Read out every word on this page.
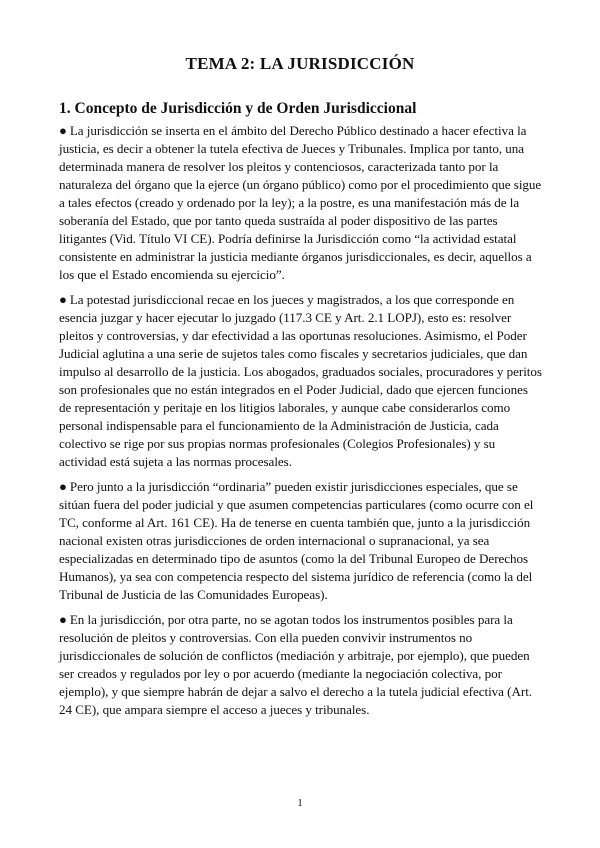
TEMA 2: LA JURISDICCIÓN
1. Concepto de Jurisdicción y de Orden Jurisdiccional

● La jurisdicción se inserta en el ámbito del Derecho Público destinado a hacer efectiva la justicia, es decir a obtener la tutela efectiva de Jueces y Tribunales. Implica por tanto, una determinada manera de resolver los pleitos y contenciosos, caracterizada tanto por la naturaleza del órgano que la ejerce (un órgano público) como por el procedimiento que sigue a tales efectos (creado y ordenado por la ley); a la postre, es una manifestación más de la soberanía del Estado, que por tanto queda sustraída al poder dispositivo de las partes litigantes (Vid. Título VI CE). Podría definirse la Jurisdicción como “la actividad estatal consistente en administrar la justicia mediante órganos jurisdiccionales, es decir, aquellos a los que el Estado encomienda su ejercicio”.

● La potestad jurisdiccional recae en los jueces y magistrados, a los que corresponde en esencia juzgar y hacer ejecutar lo juzgado (117.3 CE y Art. 2.1 LOPJ), esto es: resolver pleitos y controversias, y dar efectividad a las oportunas resoluciones. Asimismo, el Poder Judicial aglutina a una serie de sujetos tales como fiscales y secretarios judiciales, que dan impulso al desarrollo de la justicia. Los abogados, graduados sociales, procuradores y peritos son profesionales que no están integrados en el Poder Judicial, dado que ejercen funciones de representación y peritaje en los litigios laborales, y aunque cabe considerarlos como personal indispensable para el funcionamiento de la Administración de Justicia, cada colectivo se rige por sus propias normas profesionales (Colegios Profesionales) y su actividad está sujeta a las normas procesales.

● Pero junto a la jurisdicción “ordinaria” pueden existir jurisdicciones especiales, que se sitúan fuera del poder judicial y que asumen competencias particulares (como ocurre con el TC, conforme al Art. 161 CE). Ha de tenerse en cuenta también que, junto a la jurisdicción nacional existen otras jurisdicciones de orden internacional o supranacional, ya sea especializadas en determinado tipo de asuntos (como la del Tribunal Europeo de Derechos Humanos), ya sea con competencia respecto del sistema jurídico de referencia (como la del Tribunal de Justicia de las Comunidades Europeas).

● En la jurisdicción, por otra parte, no se agotan todos los instrumentos posibles para la resolución de pleitos y controversias. Con ella pueden convivir instrumentos no jurisdiccionales de solución de conflictos (mediación y arbitraje, por ejemplo), que pueden ser creados y regulados por ley o por acuerdo (mediante la negociación colectiva, por ejemplo), y que siempre habrán de dejar a salvo el derecho a la tutela judicial efectiva (Art. 24 CE), que ampara siempre el acceso a jueces y tribunales.

1
